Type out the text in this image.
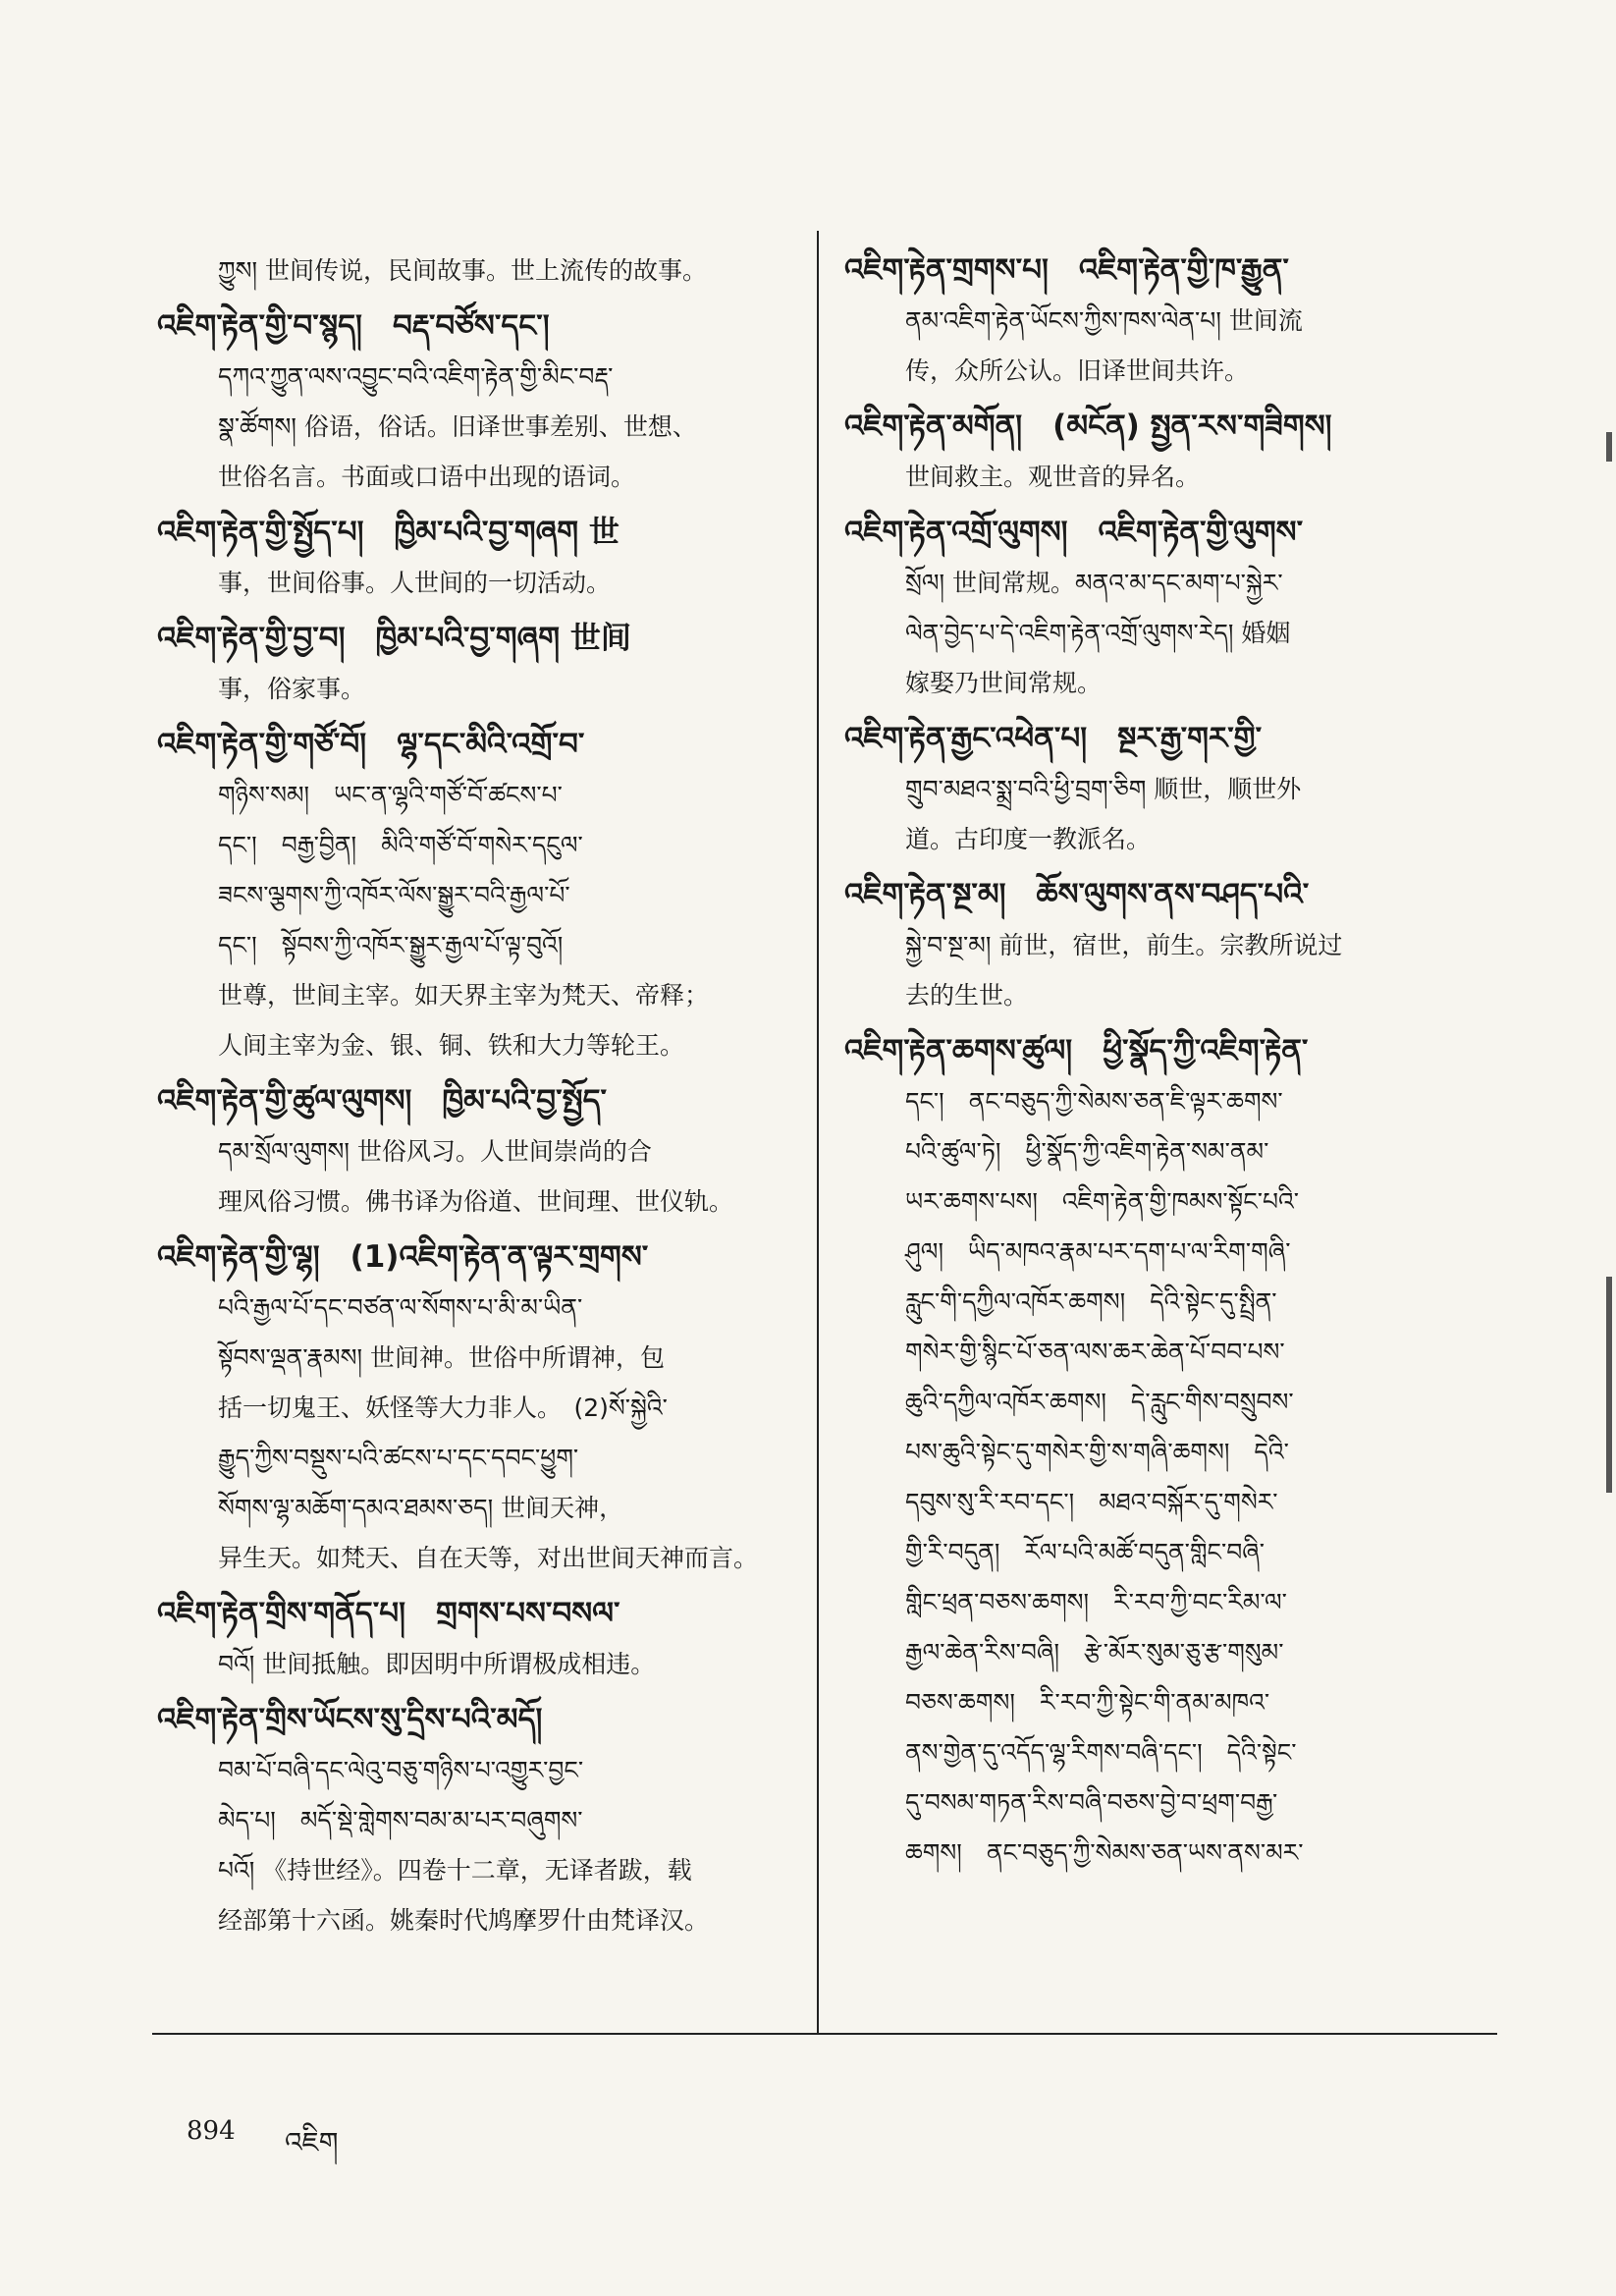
ཀྱུས། 世间传说，民间故事。世上流传的故事。
འཇིག་རྟེན་གྱི་བ་སྙད།　བརྡ་བཙོས་དང་།
དཀའ་ཀྱུན་ལས་འབྱུང་བའི་འཇིག་རྟེན་གྱི་མིང་བརྡ་
སྣ་ཚོགས། 俗语，俗话。旧译世事差别、世想、
世俗名言。书面或口语中出现的语词。
འཇིག་རྟེན་གྱི་སྤྱོད་པ།　ཁྱིམ་པའི་བྱ་གཞག 世
事，世间俗事。人世间的一切活动。
འཇིག་རྟེན་གྱི་བྱ་བ།　ཁྱིམ་པའི་བྱ་གཞག 世间
事，俗家事。
འཇིག་རྟེན་གྱི་གཙོ་བོ།　ལྷ་དང་མིའི་འགྲོ་བ་
གཉིས་སམ།　ཡང་ན་ལྷའི་གཙོ་བོ་ཚངས་པ་
དང་།　བརྒྱ་བྱིན།　མིའི་གཙོ་བོ་གསེར་དངུལ་
ཟངས་ལྕགས་ཀྱི་འཁོར་ལོས་སྒྱུར་བའི་རྒྱལ་པོ་
དང་།　སྟོབས་ཀྱི་འཁོར་སྒྱུར་རྒྱལ་པོ་ལྟ་བུའོ།
世尊，世间主宰。如天界主宰为梵天、帝释；
人间主宰为金、银、铜、铁和大力等轮王。
འཇིག་རྟེན་གྱི་ཚུལ་ལུགས།　ཁྱིམ་པའི་བྱ་སྤྱོད་
དམ་སྲོལ་ལུགས། 世俗风习。人世间崇尚的合
理风俗习惯。佛书译为俗道、世间理、世仪轨。
འཇིག་རྟེན་གྱི་ལྷ།　(1)འཇིག་རྟེན་ན་ལྟར་གྲགས་
པའི་རྒྱལ་པོ་དང་བཙན་ལ་སོགས་པ་མི་མ་ཡིན་
སྟོབས་ལྡན་རྣམས། 世间神。世俗中所谓神，包
括一切鬼王、妖怪等大力非人。　(2)སོ་སྐྱེའི་
རྒྱུད་ཀྱིས་བསྡུས་པའི་ཚངས་པ་དང་དབང་ཕྱུག་
སོགས་ལྷ་མཆོག་དམའ་ཐམས་ཅད། 世间天神，
异生天。如梵天、自在天等，对出世间天神而言。
འཇིག་རྟེན་གྲིས་གནོད་པ།　གྲགས་པས་བསལ་
བའོ། 世间抵触。即因明中所谓极成相违。
འཇིག་རྟེན་གྲིས་ཡོངས་སུ་དྲིས་པའི་མདོ།
བམ་པོ་བཞི་དང་ལེའུ་བཅུ་གཉིས་པ་འགྱུར་བྱང་
མེད་པ།　མདོ་སྡེ་གླེགས་བམ་མ་པར་བཞུགས་
པའོ། 《持世经》。四卷十二章，无译者跋，载
经部第十六函。姚秦时代鸠摩罗什由梵译汉。
འཇིག་རྟེན་གྲགས་པ།　འཇིག་རྟེན་གྱི་ཁ་རྒྱུན་
ནམ་འཇིག་རྟེན་ཡོངས་ཀྱིས་ཁས་ལེན་པ། 世间流
传，众所公认。旧译世间共许。
འཇིག་རྟེན་མགོན།　(མངོན) སྤྱན་རས་གཟིགས།
世间救主。观世音的异名。
འཇིག་རྟེན་འགྲོ་ལུགས།　འཇིག་རྟེན་གྱི་ལུགས་
སྲོལ། 世间常规。མནའ་མ་དང་མག་པ་སྐྱེར་
ལེན་བྱེད་པ་དེ་འཇིག་རྟེན་འགྲོ་ལུགས་རེད། 婚姻
嫁娶乃世间常规。
འཇིག་རྟེན་རྒྱང་འཕེན་པ།　སྔར་རྒྱ་གར་གྱི་
གྲུབ་མཐའ་སྨྲ་བའི་ཕྱི་བྲག་ཅིག 顺世，顺世外
道。古印度一教派名。
འཇིག་རྟེན་སྔ་མ།　ཆོས་ལུགས་ནས་བཤད་པའི་
སྐྱེ་བ་སྔ་མ། 前世，宿世，前生。宗教所说过
去的生世。
འཇིག་རྟེན་ཆགས་ཚུལ།　ཕྱི་སྣོད་ཀྱི་འཇིག་རྟེན་
དང་།　ནང་བཅུད་ཀྱི་སེམས་ཅན་ཇི་ལྟར་ཆགས་
པའི་ཚུལ་ཏེ།　ཕྱི་སྣོད་ཀྱི་འཇིག་རྟེན་སམ་ནམ་
ཡར་ཆགས་པས།　འཇིག་རྟེན་གྱི་ཁམས་སྟོང་པའི་
ཤུལ།　ཡིད་མཁའ་རྣམ་པར་དག་པ་ལ་རིག་གཞི་
རླུང་གི་དཀྱིལ་འཁོར་ཆགས།　དེའི་སྟེང་དུ་སྤྲིན་
གསེར་གྱི་སྙིང་པོ་ཅན་ལས་ཆར་ཆེན་པོ་བབ་པས་
ཆུའི་དཀྱིལ་འཁོར་ཆགས།　དེ་རླུང་གིས་བསྲུབས་
པས་ཆུའི་སྟེང་དུ་གསེར་གྱི་ས་གཞི་ཆགས།　དེའི་
དབུས་སུ་རི་རབ་དང་།　མཐའ་བསྐོར་དུ་གསེར་
གྱི་རི་བདུན།　རོལ་པའི་མཚོ་བདུན་གླིང་བཞི་
གླིང་ཕྲན་བཅས་ཆགས།　རི་རབ་ཀྱི་བང་རིམ་ལ་
རྒྱལ་ཆེན་རིས་བཞི།　རྩེ་མོར་སུམ་ཅུ་རྩ་གསུམ་
བཅས་ཆགས།　རི་རབ་ཀྱི་སྟེང་གི་ནམ་མཁའ་
ནས་གྱེན་དུ་འདོད་ལྷ་རིགས་བཞི་དང་།　དེའི་སྟེང་
དུ་བསམ་གཏན་རིས་བཞི་བཅས་བྱེ་བ་ཕྲག་བརྒྱ་
ཆགས།　ནང་བཅུད་ཀྱི་སེམས་ཅན་ཡས་ནས་མར་
894 འཇིག
